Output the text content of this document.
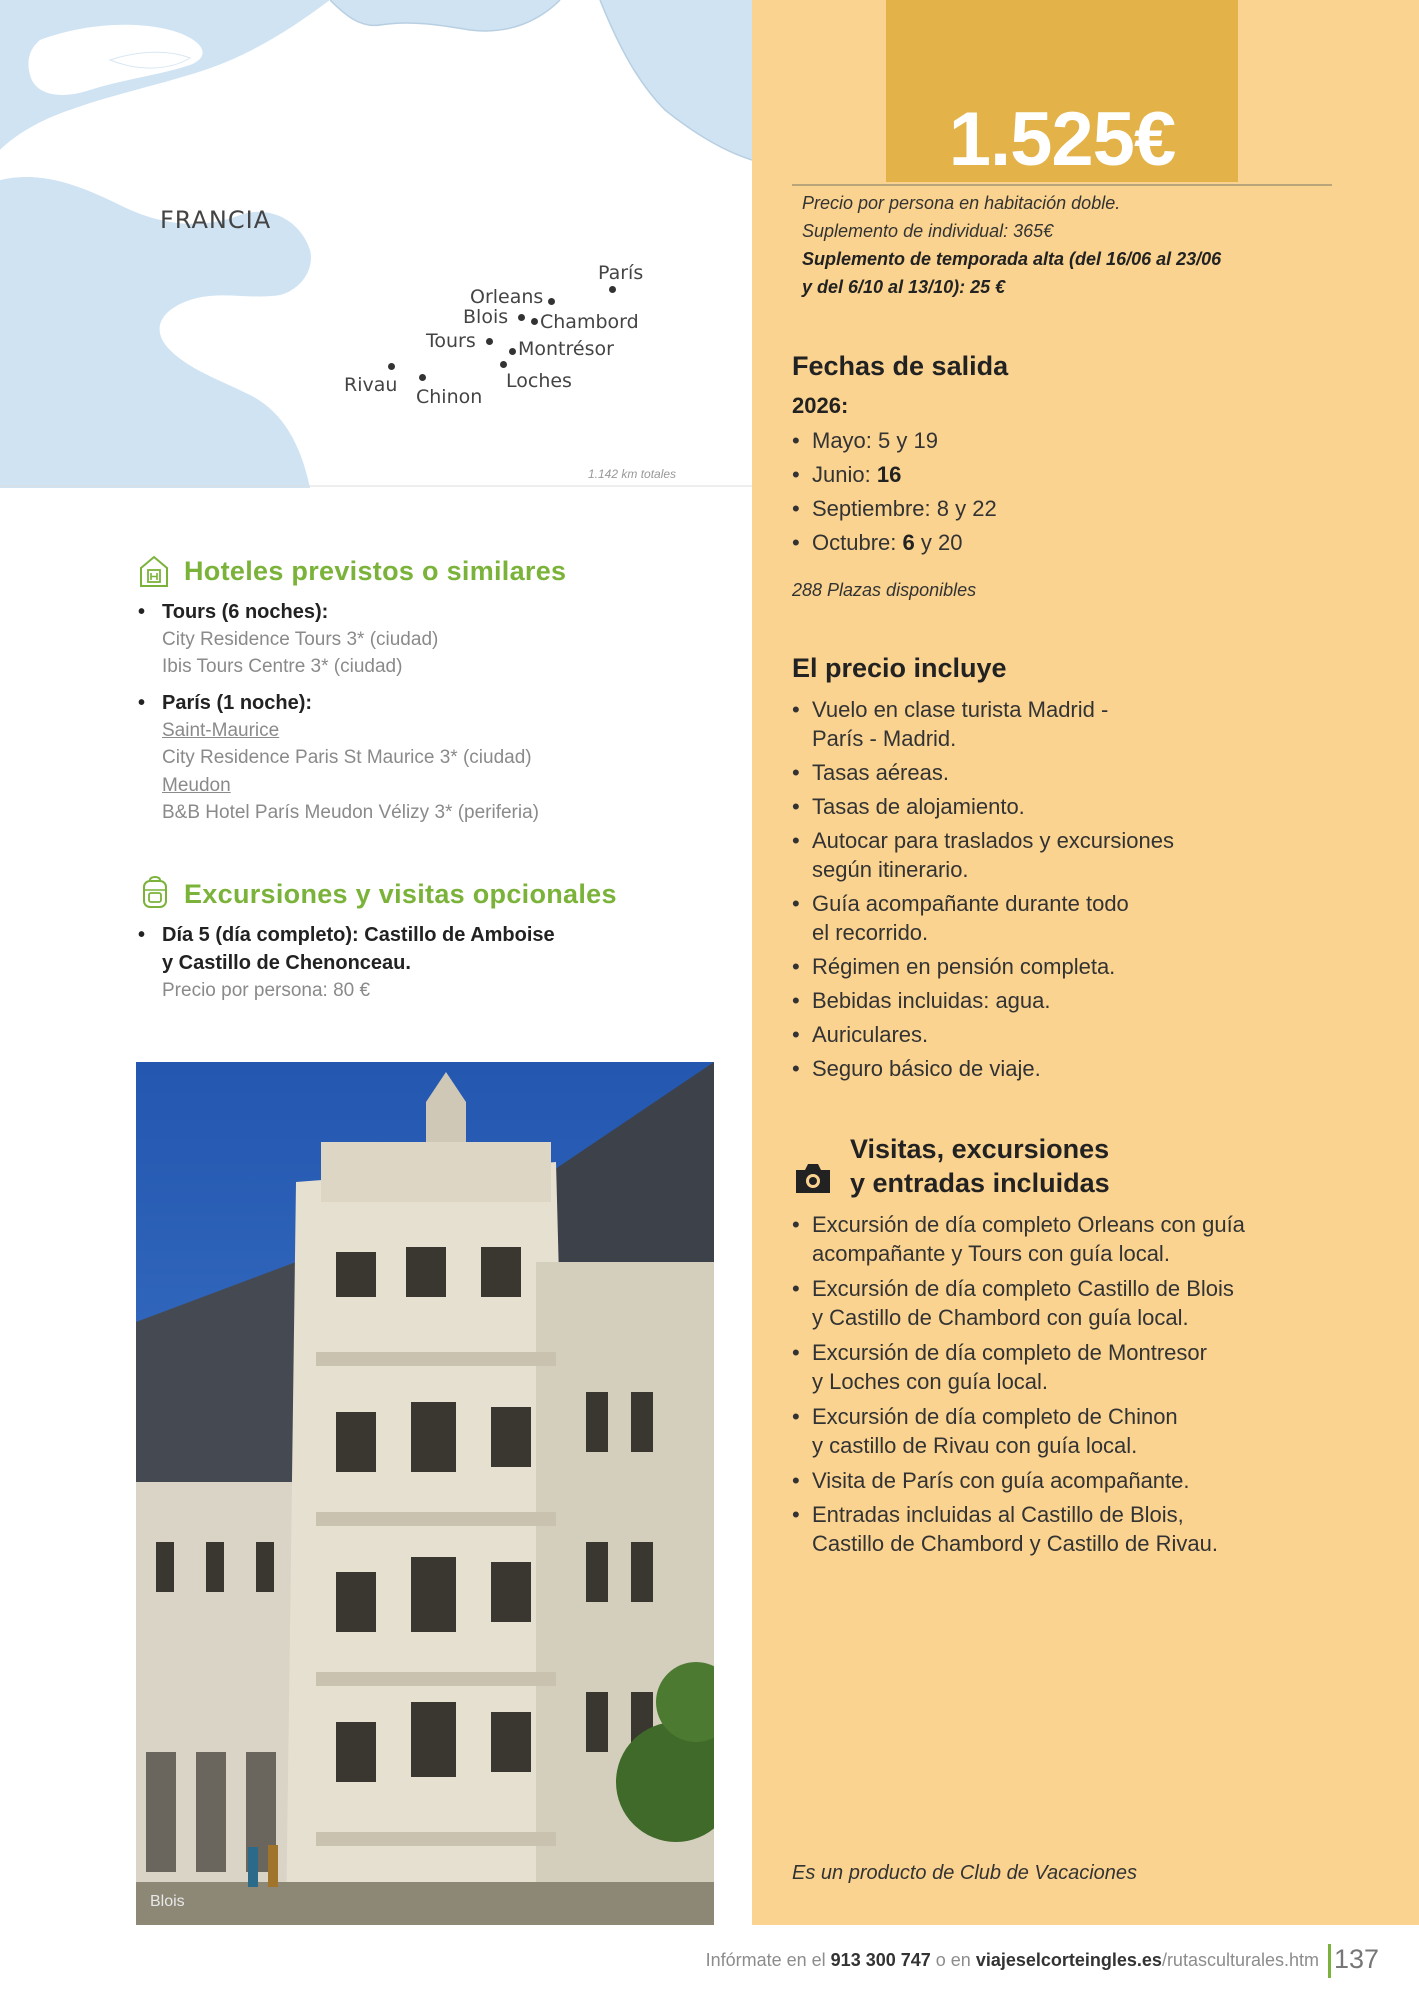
FRANCIA
París
Orleans
Blois Chambord
Tours Montrésor
Rivau
Chinon
Loches
1.142 km totales
Hoteles previstos o similares
• Tours (6 noches):
City Residence Tours 3* (ciudad)
Ibis Tours Centre 3* (ciudad)
• París (1 noche):
Saint-Maurice
City Residence Paris St Maurice 3* (ciudad)
Meudon
B&B Hotel París Meudon Vélizy 3* (periferia)
Excursiones y visitas opcionales
• Día 5 (día completo): Castillo de Amboise
y Castillo de Chenonceau.
Precio por persona: 80 €
Blois
1.525€
Precio por persona en habitación doble.
Suplemento de individual: 365€
Suplemento de temporada alta (del 16/06 al 23/06
y del 6/10 al 13/10): 25 €
Fechas de salida
2026:
• Mayo: 5 y 19
• Junio: 16
• Septiembre: 8 y 22
• Octubre: 6 y 20
288 Plazas disponibles
El precio incluye
• Vuelo en clase turista Madrid -
París - Madrid.
• Tasas aéreas.
• Tasas de alojamiento.
• Autocar para traslados y excursiones
según itinerario.
• Guía acompañante durante todo
el recorrido.
• Régimen en pensión completa.
• Bebidas incluidas: agua.
• Auriculares.
• Seguro básico de viaje.
Visitas, excursiones
y entradas incluidas
• Excursión de día completo Orleans con guía
acompañante y Tours con guía local.
• Excursión de día completo Castillo de Blois
y Castillo de Chambord con guía local.
• Excursión de día completo de Montresor
y Loches con guía local.
• Excursión de día completo de Chinon
y castillo de Rivau con guía local.
• Visita de París con guía acompañante.
• Entradas incluidas al Castillo de Blois,
Castillo de Chambord y Castillo de Rivau.
Es un producto de Club de Vacaciones
Infórmate en el 913 300 747 o en viajeselcorteingles.es/rutasculturales.htm 137
